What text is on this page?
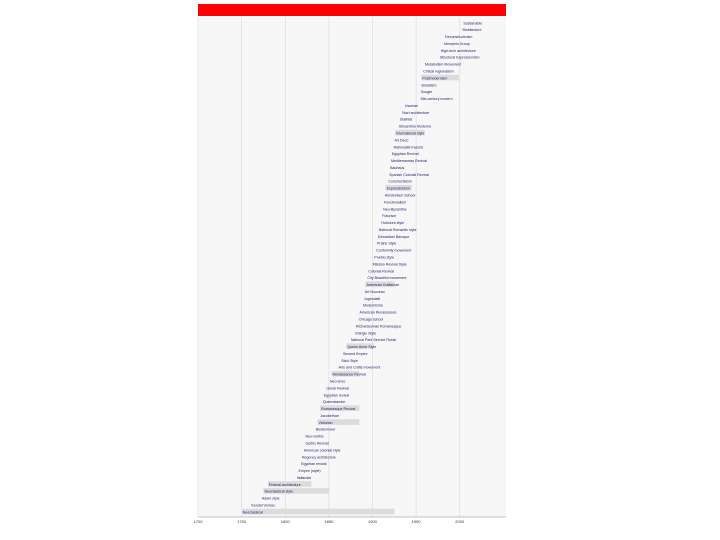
Sustainable
Blobitecture
Deconstructivism
Memphis Group
High-tech architecture
Structural Expressionism
Metabolism Movement
Critical regionalism
Postmodernism
Brutalism
Googie
Mid-century modern
Usonian
Nazi architecture
Stalinist
Streamline Moderne
International style
Art Deco
Rationalist-Fascist
Egyptian Revival
Mediterranean Revival
Bauhaus
Spanish Colonial Revival
Constructivism
Expressionism
Amsterdam School
Functionalism
Neo-Byzantine
Futurism
Hoboken style
National Romantic style
Edwardian Baroque
Prairie Style
Conformity movement
Pueblo style
Mission Revival Style
Colonial Revival
City Beautiful movement
American Craftsman
Art Nouveau
Jugendstil
Modernisme
American Renaissance
Chicago school
Richardsonian Romanesque
Shingle Style
National Park Service Rustic
Queen Anne Style
Second Empire
Stick Style
Arts and Crafts movement
Renaissance Revival
Neo-Grec
Greek Revival
Egyptian revival
Queenslander
Romanesque Revival
Jacobethan
Victorian
Biedermeier
Neo-Gothic
Gothic Revival
American colonial style
Regency architecture
Egyptian revival
Empire (style)
Italianate
Federal architecture
Neoclassical style
Adam style
Kendal Vernac.
Neoclassical
1700	1750	1800	1850	1900	1950	2000
